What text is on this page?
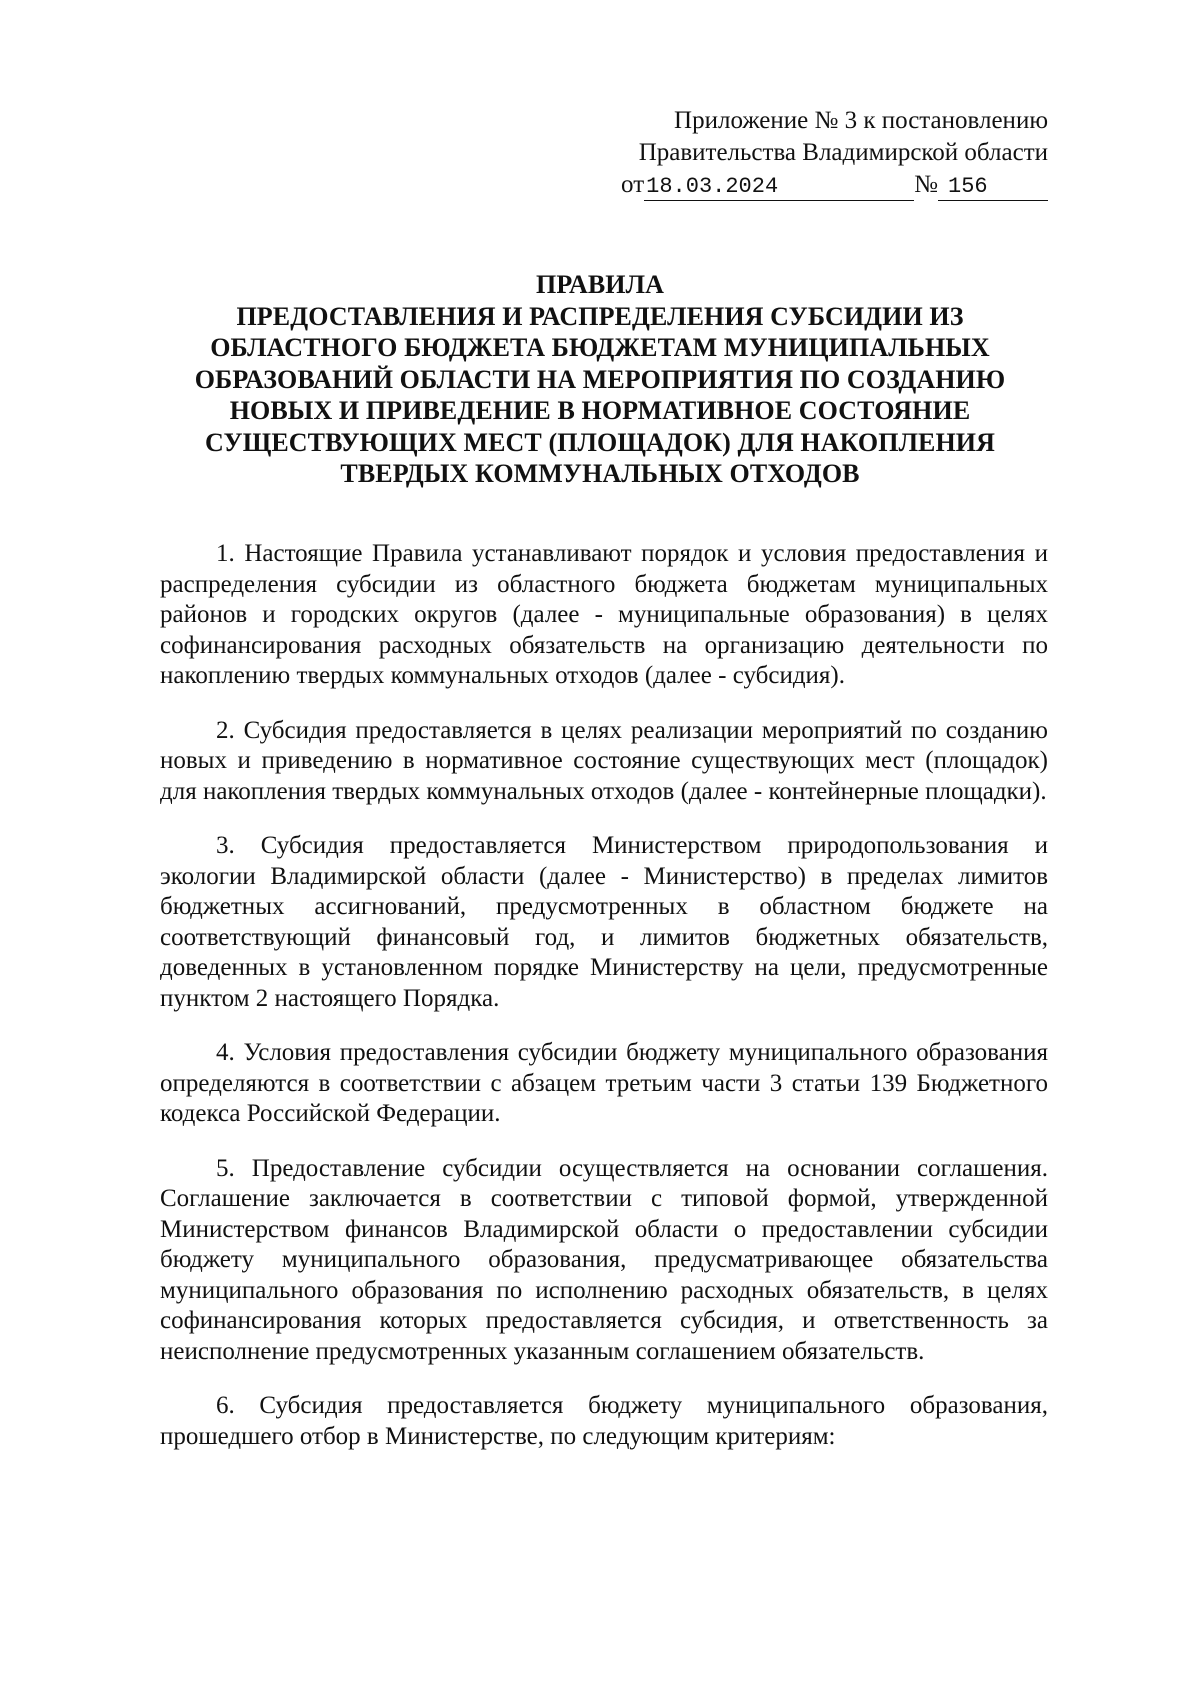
Приложение № 3 к постановлению
Правительства Владимирской области
от18.03.2024	№ 156
ПРАВИЛА
ПРЕДОСТАВЛЕНИЯ И РАСПРЕДЕЛЕНИЯ СУБСИДИИ ИЗ
ОБЛАСТНОГО БЮДЖЕТА БЮДЖЕТАМ МУНИЦИПАЛЬНЫХ
ОБРАЗОВАНИЙ ОБЛАСТИ НА МЕРОПРИЯТИЯ ПО СОЗДАНИЮ
НОВЫХ И ПРИВЕДЕНИЕ В НОРМАТИВНОЕ СОСТОЯНИЕ
СУЩЕСТВУЮЩИХ МЕСТ (ПЛОЩАДОК) ДЛЯ НАКОПЛЕНИЯ
ТВЕРДЫХ КОММУНАЛЬНЫХ ОТХОДОВ

1. Настоящие Правила устанавливают порядок и условия предоставления и распределения субсидии из областного бюджета бюджетам муниципальных районов и городских округов (далее - муниципальные образования) в целях софинансирования расходных обязательств на организацию деятельности по накоплению твердых коммунальных отходов (далее - субсидия).

2. Субсидия предоставляется в целях реализации мероприятий по созданию новых и приведению в нормативное состояние существующих мест (площадок) для накопления твердых коммунальных отходов (далее - контейнерные площадки).

3. Субсидия предоставляется Министерством природопользования и экологии Владимирской области (далее - Министерство) в пределах лимитов бюджетных ассигнований, предусмотренных в областном бюджете на соответствующий финансовый год, и лимитов бюджетных обязательств, доведенных в установленном порядке Министерству на цели, предусмотренные пунктом 2 настоящего Порядка.

4. Условия предоставления субсидии бюджету муниципального образования определяются в соответствии с абзацем третьим части 3 статьи 139 Бюджетного кодекса Российской Федерации.

5. Предоставление субсидии осуществляется на основании соглашения. Соглашение заключается в соответствии с типовой формой, утвержденной Министерством финансов Владимирской области о предоставлении субсидии бюджету муниципального образования, предусматривающее обязательства муниципального образования по исполнению расходных обязательств, в целях софинансирования которых предоставляется субсидия, и ответственность за неисполнение предусмотренных указанным соглашением обязательств.

6. Субсидия предоставляется бюджету муниципального образования, прошедшего отбор в Министерстве, по следующим критериям:
